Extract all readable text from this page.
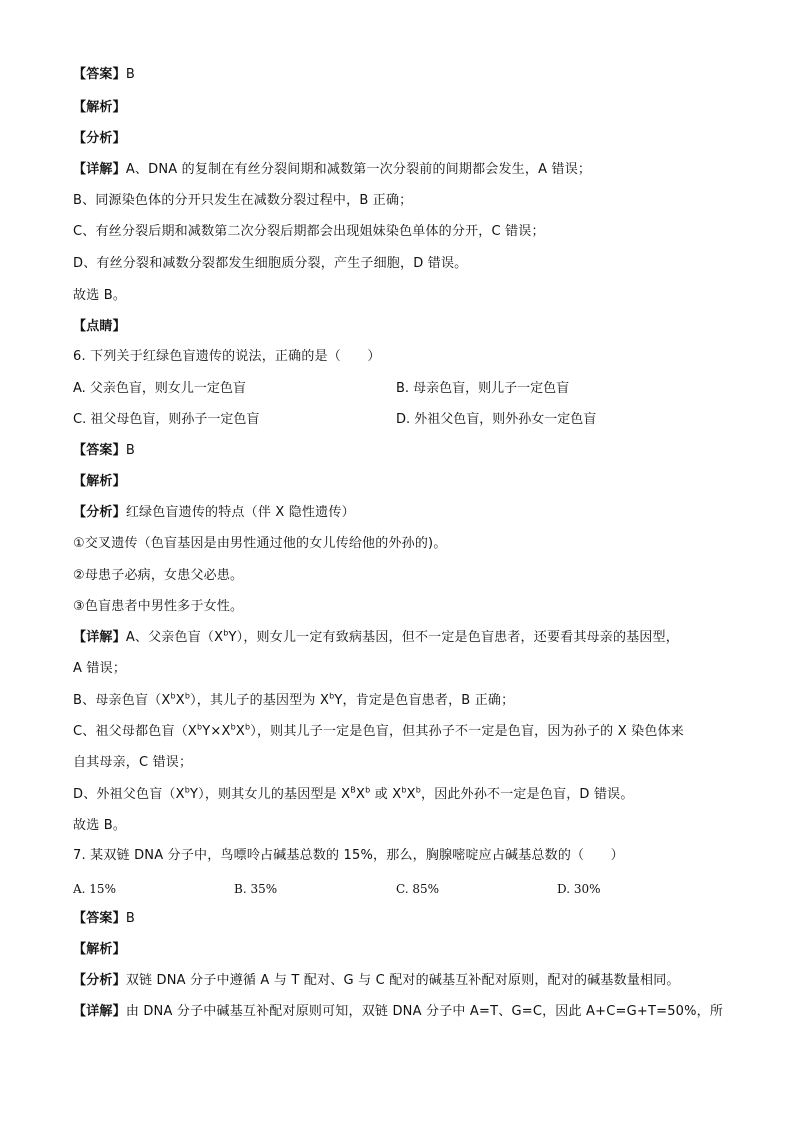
【答案】B
【解析】
【分析】
【详解】A、DNA 的复制在有丝分裂间期和减数第一次分裂前的间期都会发生，A 错误；
B、同源染色体的分开只发生在减数分裂过程中，B 正确；
C、有丝分裂后期和减数第二次分裂后期都会出现姐妹染色单体的分开，C 错误；
D、有丝分裂和减数分裂都发生细胞质分裂，产生子细胞，D 错误。
故选 B。
【点睛】
6. 下列关于红绿色盲遗传的说法，正确的是（　　）
A. 父亲色盲，则女儿一定色盲	B. 母亲色盲，则儿子一定色盲
C. 祖父母色盲，则孙子一定色盲	D. 外祖父色盲，则外孙女一定色盲
【答案】B
【解析】
【分析】红绿色盲遗传的特点（伴 X 隐性遗传）
①交叉遗传（色盲基因是由男性通过他的女儿传给他的外孙的)。
②母患子必病，女患父必患。
③色盲患者中男性多于女性。
【详解】A、父亲色盲$(X^bY)$，则女儿一定有致病基因，但不一定是色盲患者，还要看其母亲的基因型，
A 错误；
B、母亲色盲$(X^bX^b)$，其儿子的基因型为 $X^bY$，肯定是色盲患者，B 正确；
C、祖父母都色盲$(X^bY\times X^bX^b)$，则其儿子一定是色盲，但其孙子不一定是色盲，因为孙子的 X 染色体来
自其母亲，C 错误；
D、外祖父色盲$(X^bY)$，则其女儿的基因型是 $X^BX^b$ 或 $X^bX^b$，因此外孙不一定是色盲，D 错误。
故选 B。
7. 某双链 DNA 分子中，鸟嘌呤占碱基总数的 15%，那么，胸腺嘧啶应占碱基总数的（　　）
A. 15%	B. 35%	C. 85%	D. 30%
【答案】B
【解析】
【分析】双链 DNA 分子中遵循 A 与 T 配对、G 与 C 配对的碱基互补配对原则，配对的碱基数量相同。
【详解】由 DNA 分子中碱基互补配对原则可知，双链 DNA 分子中 A=T、G=C，因此 A+C=G+T=50%，所
